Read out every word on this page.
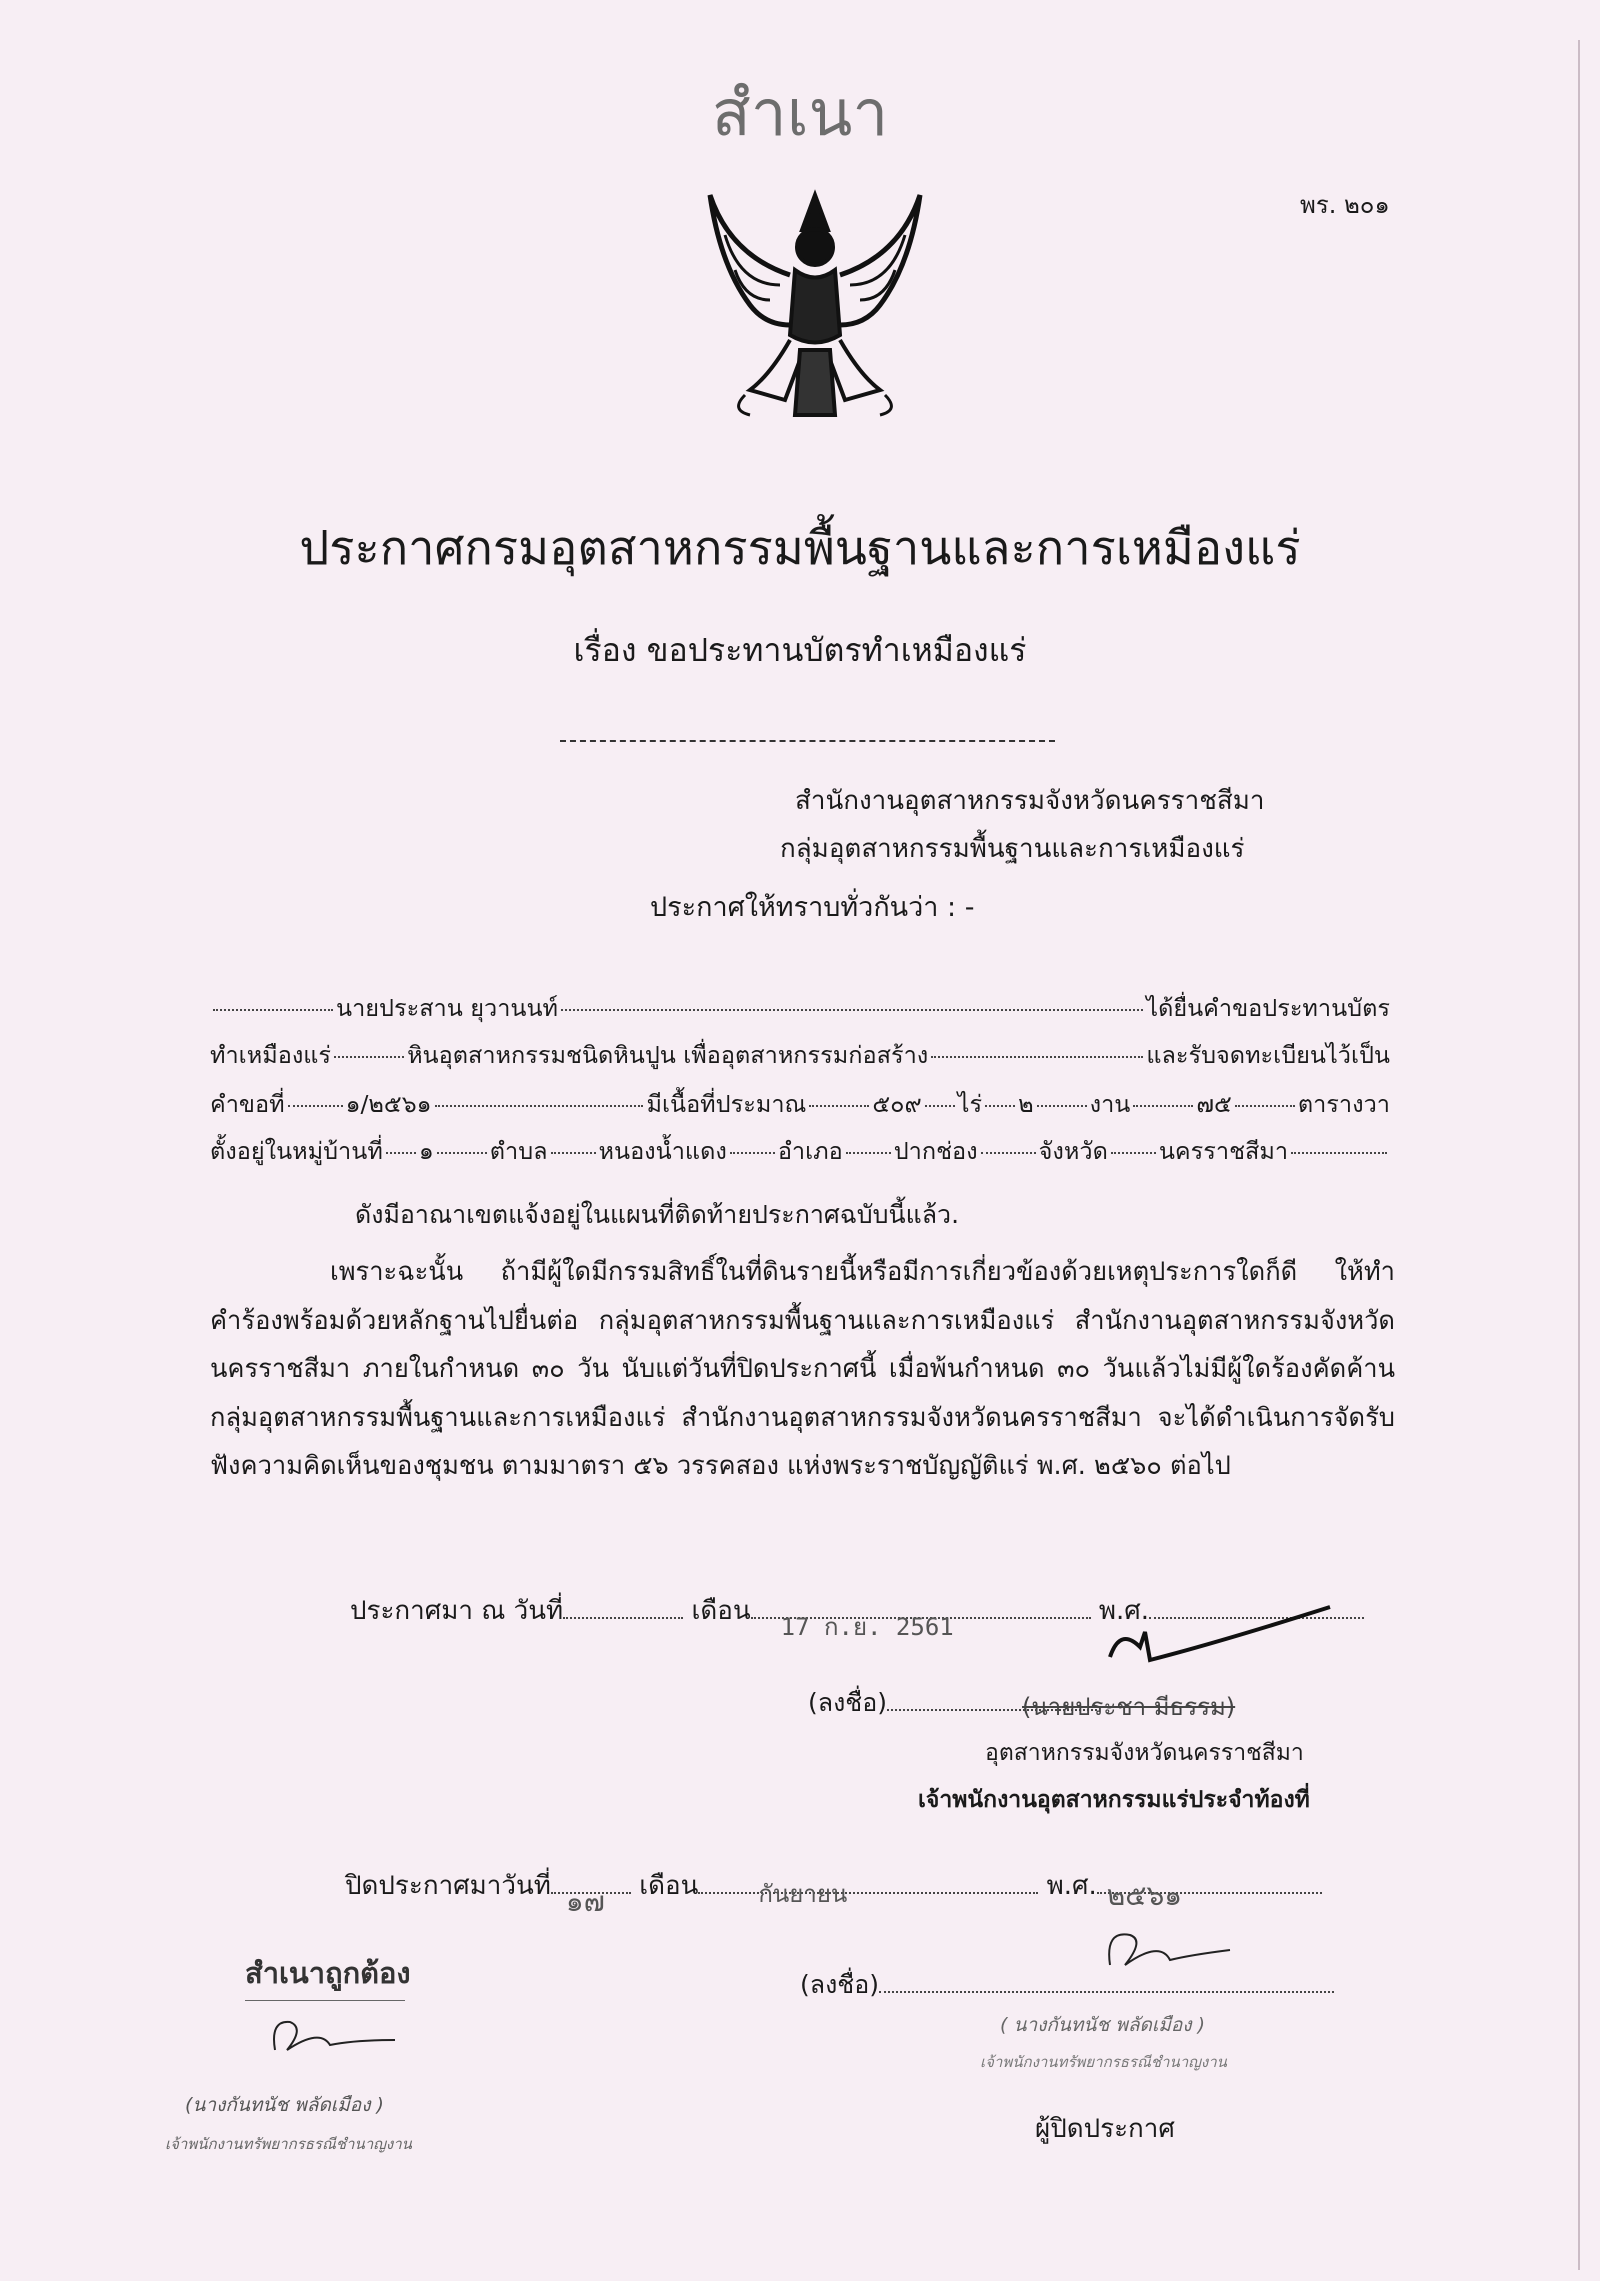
สำเนา
พร. ๒๐๑
ประกาศกรมอุตสาหกรรมพื้นฐานและการเหมืองแร่
เรื่อง ขอประทานบัตรทำเหมืองแร่
สำนักงานอุตสาหกรรมจังหวัดนครราชสีมา
กลุ่มอุตสาหกรรมพื้นฐานและการเหมืองแร่
ประกาศให้ทราบทั่วกันว่า : -
นายประสาน ยุวานนท์	ได้ยื่นคำขอประทานบัตร
ทำเหมืองแร่	หินอุตสาหกรรมชนิดหินปูน เพื่ออุตสาหกรรมก่อสร้าง	และรับจดทะเบียนไว้เป็น
คำขอที่	๑/๒๕๖๑	มีเนื้อที่ประมาณ	๕๐๙ ไร่ ๒ งาน	๗๕	ตารางวา
ตั้งอยู่ในหมู่บ้านที่ ๑ ตำบล หนองน้ำแดง อำเภอ ปากช่อง	จังหวัด นครราชสีมา
ดังมีอาณาเขตแจ้งอยู่ในแผนที่ติดท้ายประกาศฉบับนี้แล้ว.
เพราะฉะนั้น ถ้ามีผู้ใดมีกรรมสิทธิ์ในที่ดินรายนี้หรือมีการเกี่ยวข้องด้วยเหตุประการใดก็ดี ให้ทำคำร้องพร้อมด้วยหลักฐานไปยื่นต่อ กลุ่มอุตสาหกรรมพื้นฐานและการเหมืองแร่ สำนักงานอุตสาหกรรมจังหวัดนครราชสีมา ภายในกำหนด ๓๐ วัน นับแต่วันที่ปิดประกาศนี้ เมื่อพ้นกำหนด ๓๐ วันแล้วไม่มีผู้ใดร้องคัดค้าน กลุ่มอุตสาหกรรมพื้นฐานและการเหมืองแร่ สำนักงานอุตสาหกรรมจังหวัดนครราชสีมา จะได้ดำเนินการจัดรับฟังความคิดเห็นของชุมชน ตามมาตรา ๕๖ วรรคสอง แห่งพระราชบัญญัติแร่ พ.ศ. ๒๕๖๐ ต่อไป
ประกาศมา ณ วันที่	เดือน
17 ก.ย. 2561
พ.ศ.
(ลงชื่อ)	(นายประชา มีธรรม)
อุตสาหกรรมจังหวัดนครราชสีมา
เจ้าพนักงานอุตสาหกรรมแร่ประจำท้องที่
ปิดประกาศมาวันที่ ๑๗ เดือน	กันยายน	พ.ศ. ๒๕๖๑
(ลงชื่อ)
( นางกันทนัช พลัดเมือง )
เจ้าพนักงานทรัพยากรธรณีชำนาญงาน
ผู้ปิดประกาศ
สำเนาถูกต้อง
(นางกันทนัช พลัดเมือง )
เจ้าพนักงานทรัพยากรธรณีชำนาญงาน
